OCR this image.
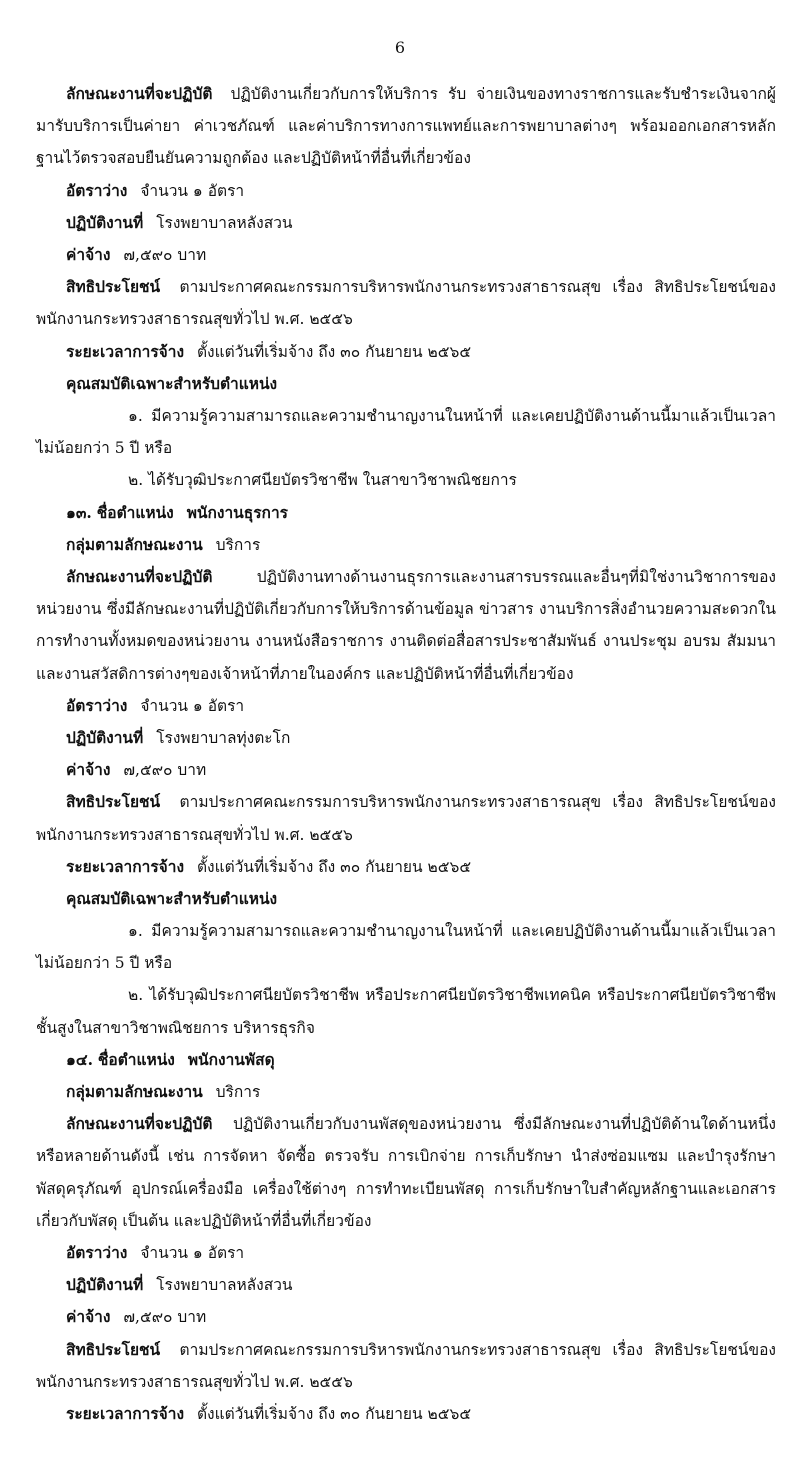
6
ลักษณะงานที่จะปฏิบัติ ปฏิบัติงานเกี่ยวกับการให้บริการ รับ จ่ายเงินของทางราชการและรับชำระเงินจากผู้มารับบริการเป็นค่ายา ค่าเวชภัณฑ์ และค่าบริการทางการแพทย์และการพยาบาลต่างๆ พร้อมออกเอกสารหลักฐานไว้ตรวจสอบยืนยันความถูกต้อง และปฏิบัติหน้าที่อื่นที่เกี่ยวข้อง
อัตราว่าง จำนวน ๑ อัตรา
ปฏิบัติงานที่ โรงพยาบาลหลังสวน
ค่าจ้าง ๗,๕๙๐ บาท
สิทธิประโยชน์ ตามประกาศคณะกรรมการบริหารพนักงานกระทรวงสาธารณสุข เรื่อง สิทธิประโยชน์ของพนักงานกระทรวงสาธารณสุขทั่วไป พ.ศ. ๒๕๕๖
ระยะเวลาการจ้าง ตั้งแต่วันที่เริ่มจ้าง ถึง ๓๐ กันยายน ๒๕๖๕
คุณสมบัติเฉพาะสำหรับตำแหน่ง
๑. มีความรู้ความสามารถและความชำนาญงานในหน้าที่ และเคยปฏิบัติงานด้านนี้มาแล้วเป็นเวลาไม่น้อยกว่า 5 ปี หรือ
๒. ได้รับวุฒิประกาศนียบัตรวิชาชีพ ในสาขาวิชาพณิชยการ
๑๓. ชื่อตำแหน่ง พนักงานธุรการ
กลุ่มตามลักษณะงาน บริการ
ลักษณะงานที่จะปฏิบัติ	ปฏิบัติงานทางด้านงานธุรการและงานสารบรรณและอื่นๆที่มิใช่งานวิชาการของหน่วยงาน ซึ่งมีลักษณะงานที่ปฏิบัติเกี่ยวกับการให้บริการด้านข้อมูล ข่าวสาร งานบริการสิ่งอำนวยความสะดวกในการทำงานทั้งหมดของหน่วยงาน งานหนังสือราชการ งานติดต่อสื่อสารประชาสัมพันธ์ งานประชุม อบรม สัมมนา และงานสวัสดิการต่างๆของเจ้าหน้าที่ภายในองค์กร และปฏิบัติหน้าที่อื่นที่เกี่ยวข้อง
อัตราว่าง จำนวน ๑ อัตรา
ปฏิบัติงานที่ โรงพยาบาลทุ่งตะโก
ค่าจ้าง ๗,๕๙๐ บาท
สิทธิประโยชน์ ตามประกาศคณะกรรมการบริหารพนักงานกระทรวงสาธารณสุข เรื่อง สิทธิประโยชน์ของพนักงานกระทรวงสาธารณสุขทั่วไป พ.ศ. ๒๕๕๖
ระยะเวลาการจ้าง ตั้งแต่วันที่เริ่มจ้าง ถึง ๓๐ กันยายน ๒๕๖๕
คุณสมบัติเฉพาะสำหรับตำแหน่ง
๑. มีความรู้ความสามารถและความชำนาญงานในหน้าที่ และเคยปฏิบัติงานด้านนี้มาแล้วเป็นเวลาไม่น้อยกว่า 5 ปี หรือ
๒. ได้รับวุฒิประกาศนียบัตรวิชาชีพ หรือประกาศนียบัตรวิชาชีพเทคนิค หรือประกาศนียบัตรวิชาชีพชั้นสูงในสาขาวิชาพณิชยการ บริหารธุรกิจ
๑๔. ชื่อตำแหน่ง พนักงานพัสดุ
กลุ่มตามลักษณะงาน บริการ
ลักษณะงานที่จะปฏิบัติ ปฏิบัติงานเกี่ยวกับงานพัสดุของหน่วยงาน ซึ่งมีลักษณะงานที่ปฏิบัติด้านใดด้านหนึ่งหรือหลายด้านดังนี้ เช่น การจัดหา จัดซื้อ ตรวจรับ การเบิกจ่าย การเก็บรักษา นำส่งซ่อมแซม และบำรุงรักษา พัสดุครุภัณฑ์ อุปกรณ์เครื่องมือ เครื่องใช้ต่างๆ การทำทะเบียนพัสดุ การเก็บรักษาใบสำคัญหลักฐานและเอกสารเกี่ยวกับพัสดุ เป็นต้น และปฏิบัติหน้าที่อื่นที่เกี่ยวข้อง
อัตราว่าง จำนวน ๑ อัตรา
ปฏิบัติงานที่ โรงพยาบาลหลังสวน
ค่าจ้าง ๗,๕๙๐ บาท
สิทธิประโยชน์ ตามประกาศคณะกรรมการบริหารพนักงานกระทรวงสาธารณสุข เรื่อง สิทธิประโยชน์ของพนักงานกระทรวงสาธารณสุขทั่วไป พ.ศ. ๒๕๕๖
ระยะเวลาการจ้าง ตั้งแต่วันที่เริ่มจ้าง ถึง ๓๐ กันยายน ๒๕๖๕
